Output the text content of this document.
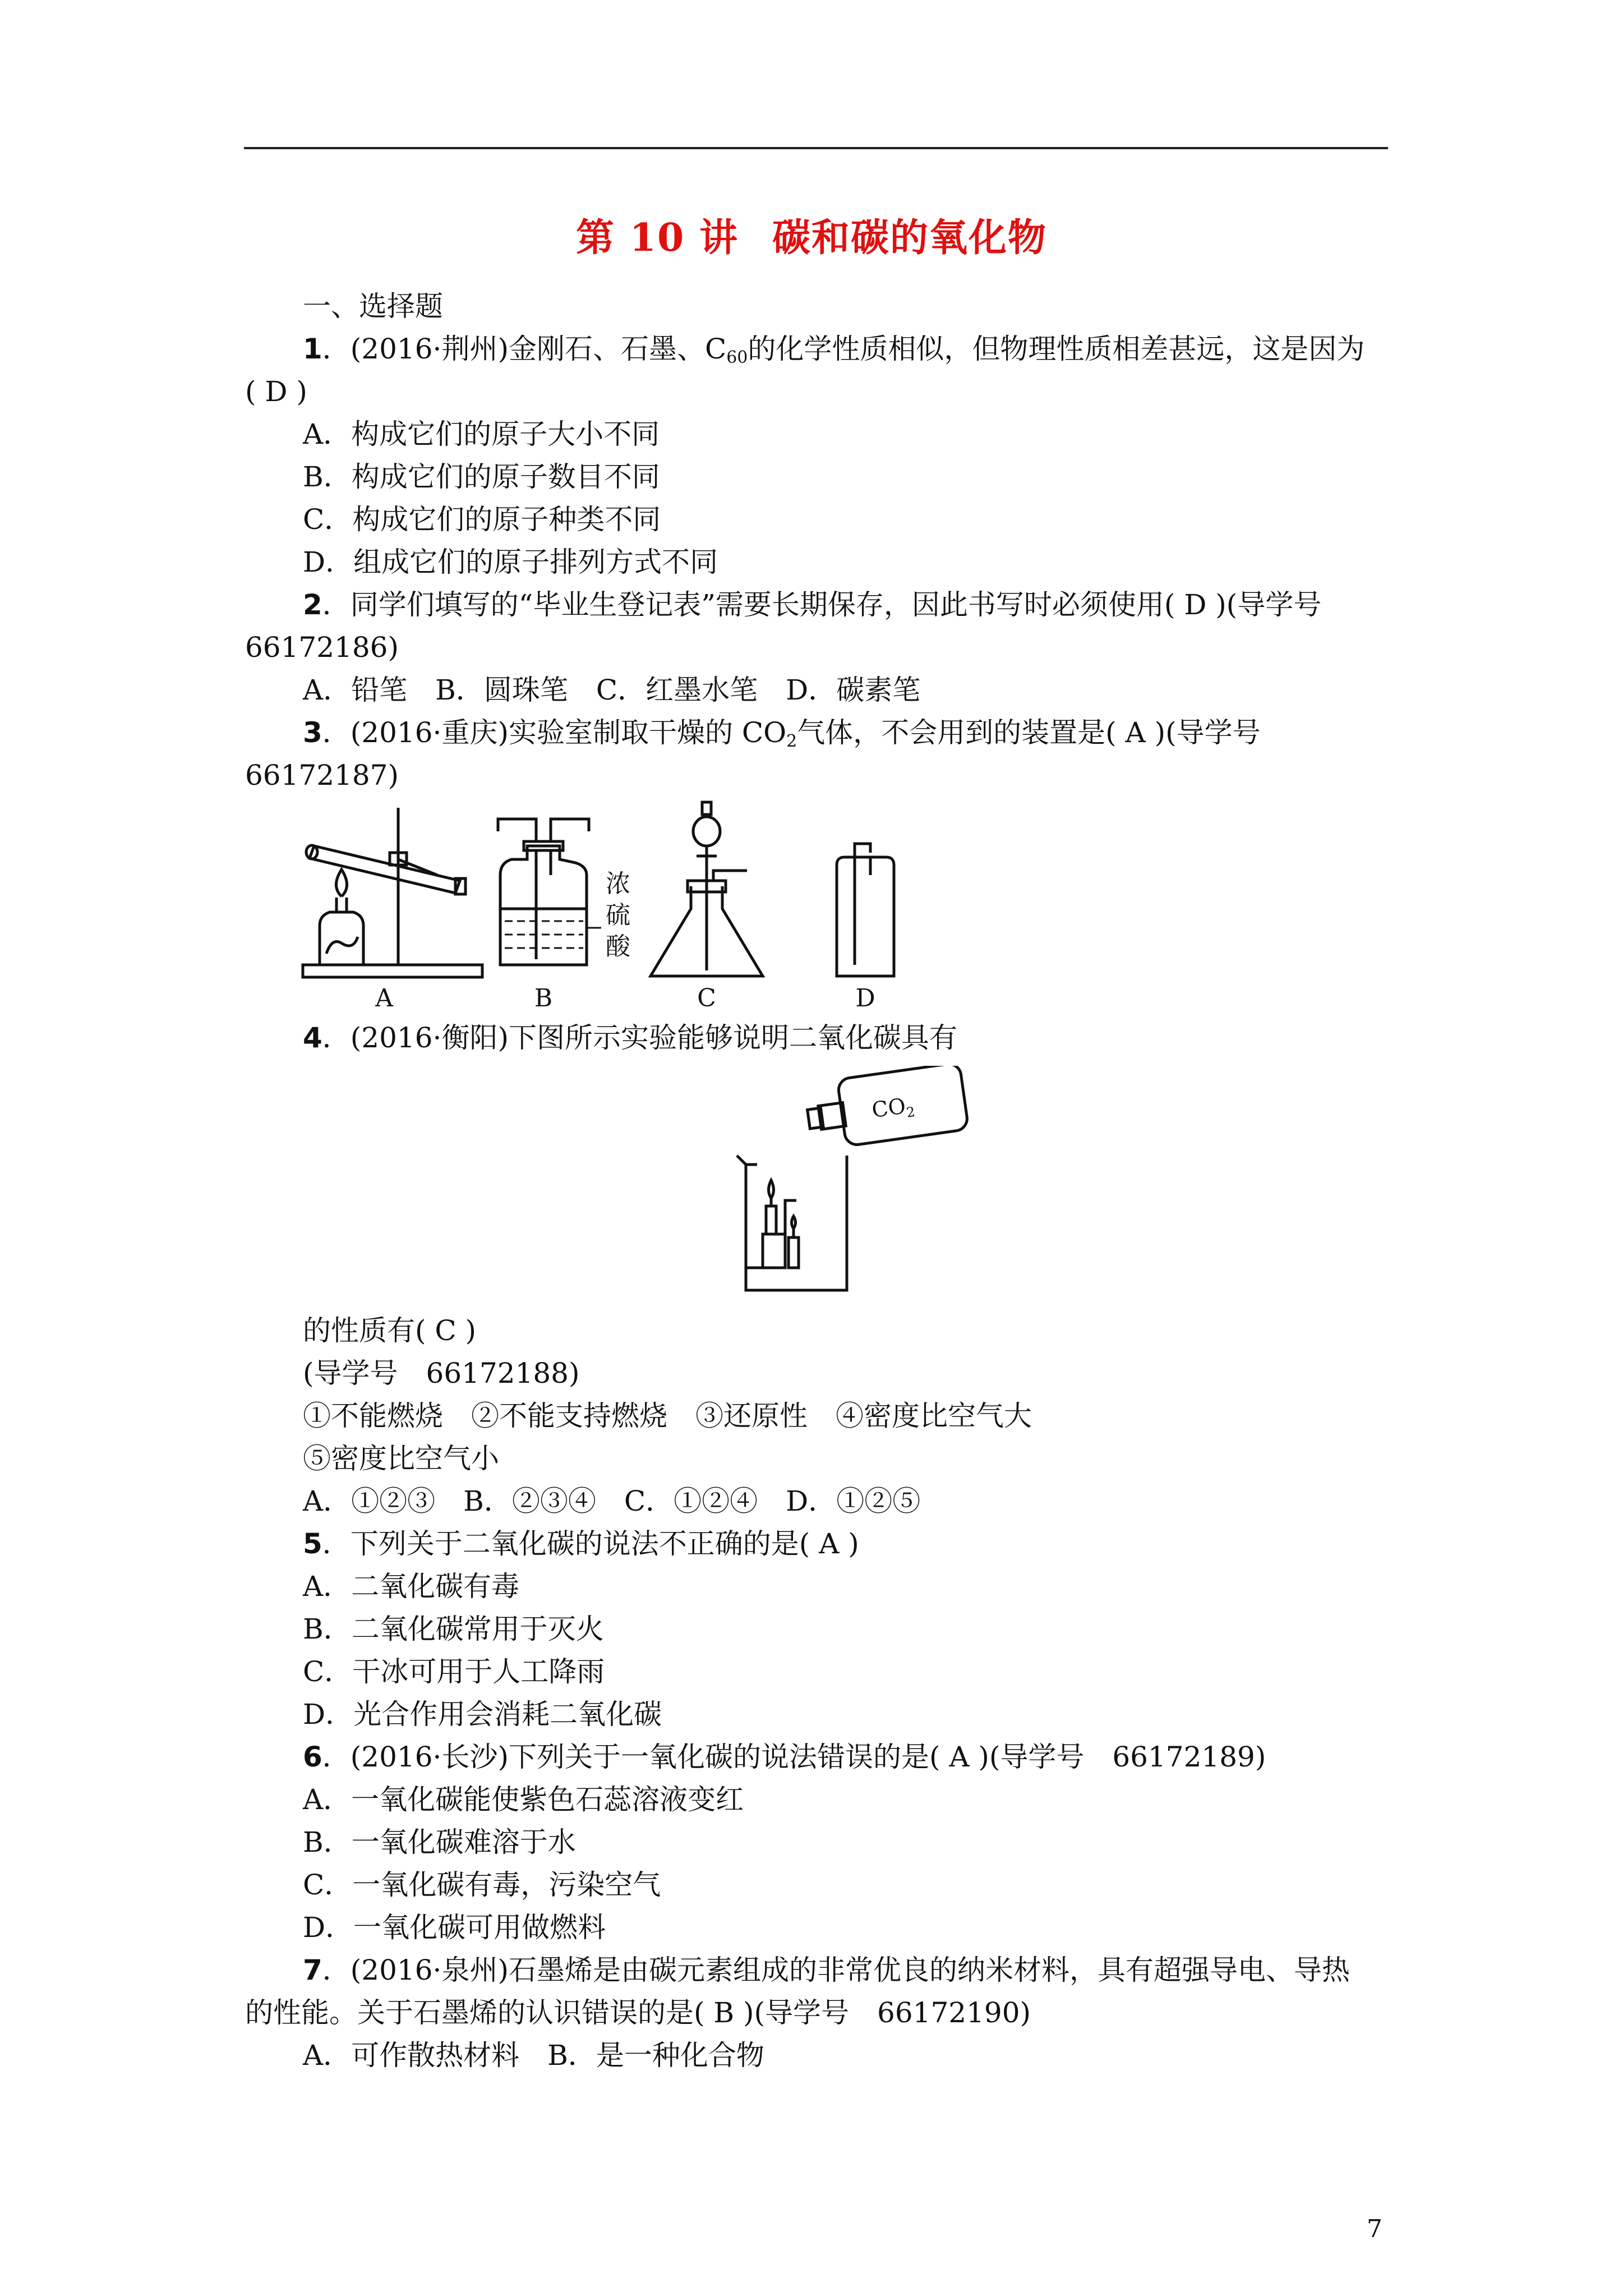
第 10 讲 碳和碳的氧化物
一、选择题
1．(2016·荆州)金刚石、石墨、$C_{60}$的化学性质相似，但物理性质相差甚远，这是因为
( D )
A．构成它们的原子大小不同
B．构成它们的原子数目不同
C．构成它们的原子种类不同
D．组成它们的原子排列方式不同
2．同学们填写的“毕业生登记表”需要长期保存，因此书写时必须使用( D )(导学号
66172186)
A．铅笔　B．圆珠笔　C．红墨水笔　D．碳素笔
3．(2016·重庆)实验室制取干燥的 $CO_2$气体，不会用到的装置是( A )(导学号
66172187)
A	B	C	D
浓
硫
酸
4．(2016·衡阳)下图所示实验能够说明二氧化碳具有
$CO_2$
的性质有( C )
(导学号　66172188)
①不能燃烧　②不能支持燃烧　③还原性　④密度比空气大
⑤密度比空气小
A．①②③　B．②③④　C．①②④　D．①②⑤
5．下列关于二氧化碳的说法不正确的是( A )
A．二氧化碳有毒
B．二氧化碳常用于灭火
C．干冰可用于人工降雨
D．光合作用会消耗二氧化碳
6．(2016·长沙)下列关于一氧化碳的说法错误的是( A )(导学号　66172189)
A．一氧化碳能使紫色石蕊溶液变红
B．一氧化碳难溶于水
C．一氧化碳有毒，污染空气
D．一氧化碳可用做燃料
7．(2016·泉州)石墨烯是由碳元素组成的非常优良的纳米材料，具有超强导电、导热
的性能。关于石墨烯的认识错误的是( B )(导学号　66172190)
A．可作散热材料　B．是一种化合物
7
